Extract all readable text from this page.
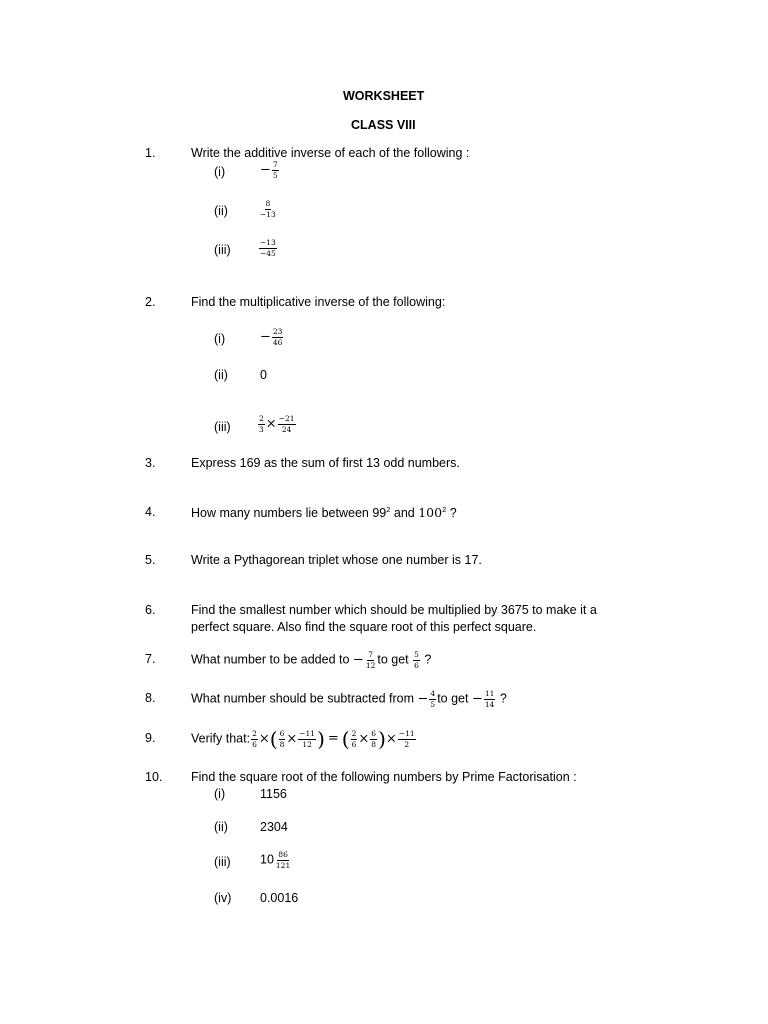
WORKSHEET
CLASS VIII
1.	Write the additive inverse of each of the following :
(i)	− $\frac{7}{5}$
(ii)	$\frac{8}{-13}$
(iii)	$\frac{-13}{-45}$
2.	Find the multiplicative inverse of the following:
(i)	− $\frac{23}{46}$
(ii)	0
(iii)	$\frac{2}{3} \times \frac{-21}{24}$
3.	Express 169 as the sum of first 13 odd numbers.
4.	How many numbers lie between $99^2$ and $100^2$ ?
5.	Write a Pythagorean triplet whose one number is 17.
6.	Find the smallest number which should be multiplied by 3675 to make it a
perfect square. Also find the square root of this perfect square.
7.	What number to be added to − $\frac{7}{12}$ to get $\frac{5}{6}$ ?
8.	What number should be subtracted from − $\frac{4}{5}$ to get − $\frac{11}{14}$ ?
9.	Verify that: $\frac{2}{6}$ ×( $\frac{6}{8} \times \frac{-11}{12}$ ) = ( $\frac{2}{6} \times \frac{6}{8}$ )× $\frac{-11}{2}$
10. Find the square root of the following numbers by Prime Factorisation :
(i)	1156
(ii)	2304
(iii) $10 \frac{86}{121}$
(iv) 0.0016
